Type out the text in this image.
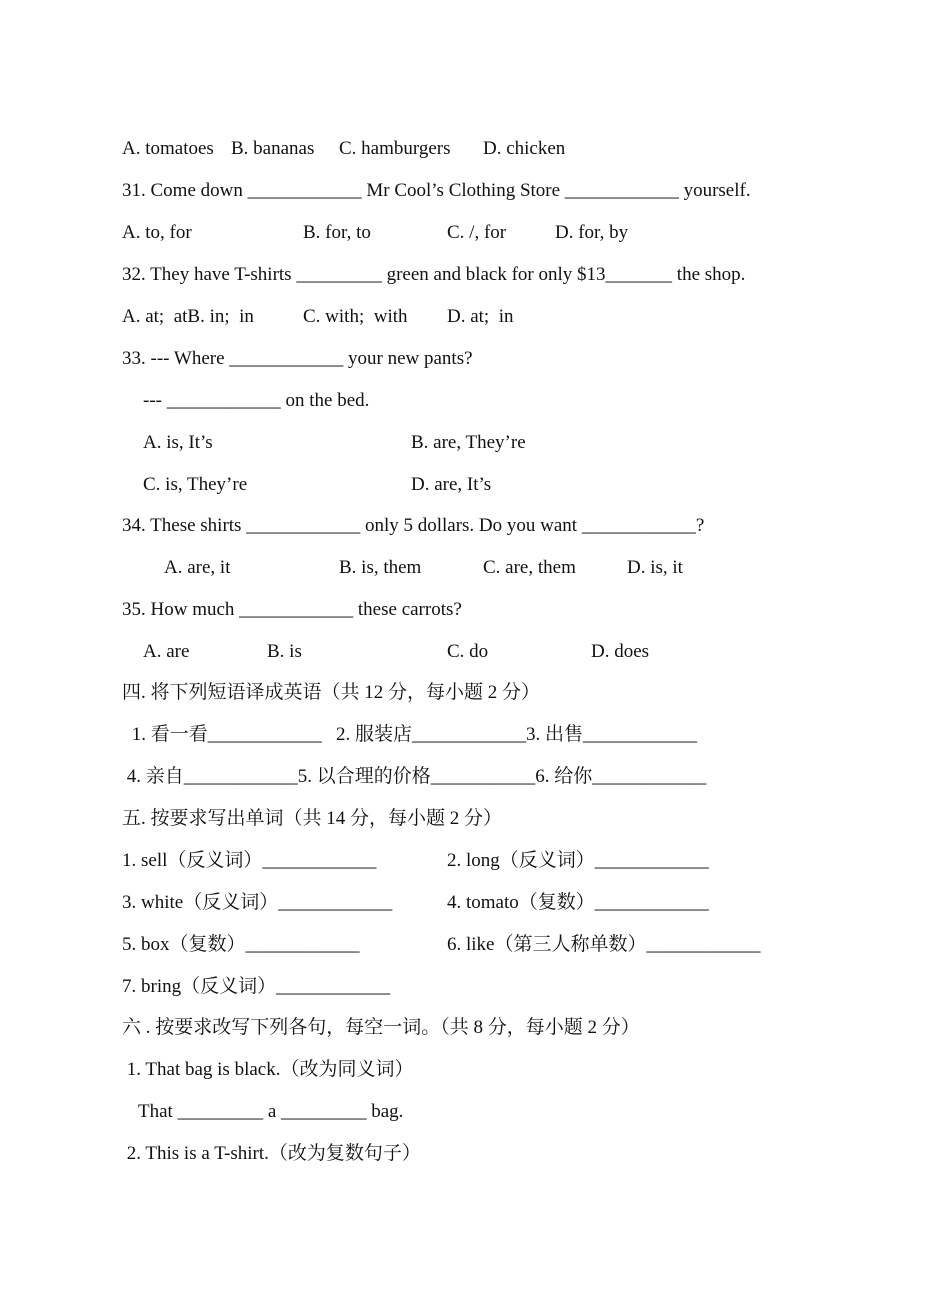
A. tomatoes B. bananas C. hamburgers D. chicken
31. Come down ____________ Mr Cool’s Clothing Store ____________ yourself.
A. to, for	B. for, to	C. /, for	D. for, by
32. They have T-shirts _________ green and black for only $13_______ the shop.
A. at;  atB. in;  in	C. with;  with D. at;  in
33. --- Where ____________ your new pants?
--- ____________ on the bed.
A. is, It’s	B. are, They’re
C. is, They’re	D. are, It’s
34. These shirts ____________ only 5 dollars. Do you want ____________?
A. are, it	B. is, them	C. are, them	D. is, it
35. How much ____________ these carrots?
A. are	B. is	C. do	D. does
四. 将下列短语译成英语（共 12 分，每小题 2 分）
1. 看一看____________   2. 服装店____________3. 出售____________
4. 亲自____________5. 以合理的价格___________6. 给你____________
五. 按要求写出单词（共 14 分，每小题 2 分）
1. sell（反义词）____________	2. long（反义词）____________
3. white（反义词）____________	4. tomato（复数）____________
5. box（复数）____________	6. like（第三人称单数）____________
7. bring（反义词）____________
六 . 按要求改写下列各句，每空一词。（共 8 分，每小题 2 分）
1. That bag is black.（改为同义词）
That _________ a _________ bag.
2. This is a T-shirt.（改为复数句子）
